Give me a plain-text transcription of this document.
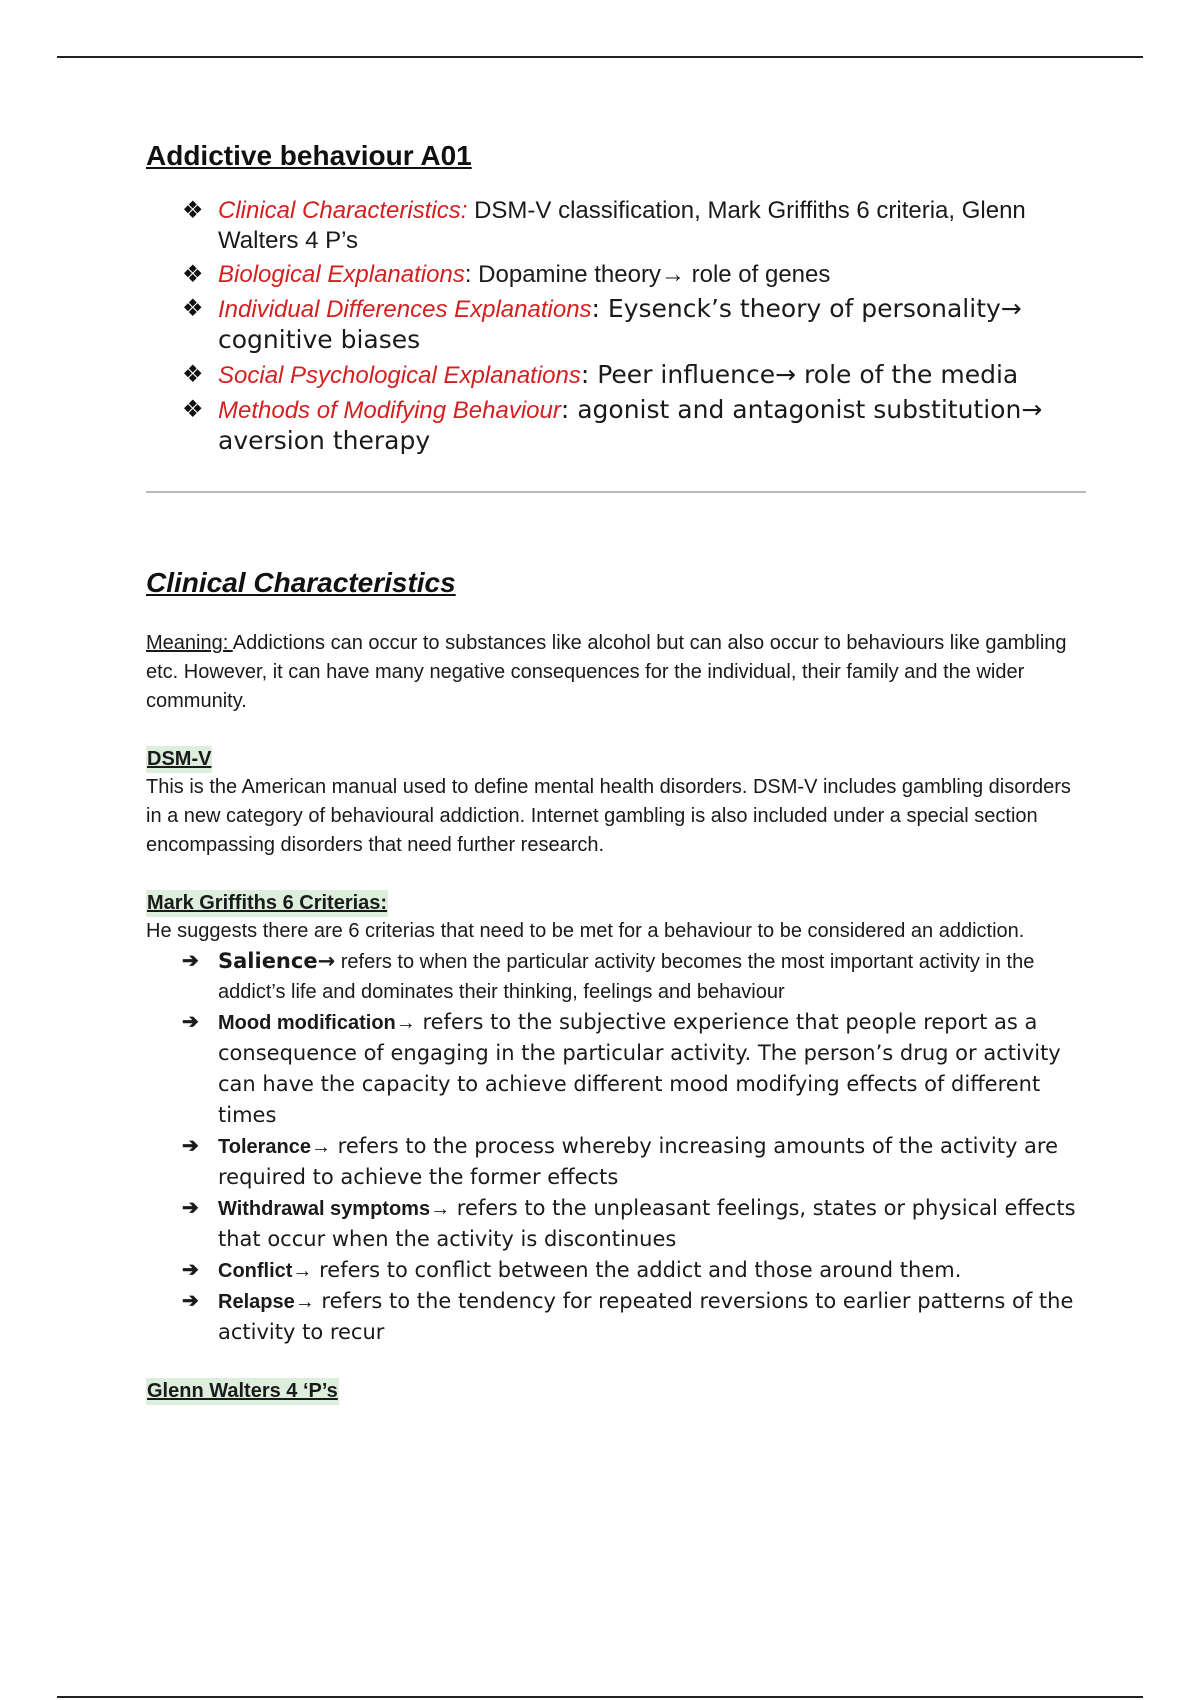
Addictive behaviour A01
❖ Clinical Characteristics: DSM-V classification, Mark Griffiths 6 criteria, Glenn Walters 4 P’s
❖ Biological Explanations: Dopamine theory→ role of genes
❖ Individual Differences Explanations: Eysenck’s theory of personality→ cognitive biases
❖ Social Psychological Explanations: Peer influence→ role of the media
❖ Methods of Modifying Behaviour: agonist and antagonist substitution→ aversion therapy
Clinical Characteristics

Meaning: Addictions can occur to substances like alcohol but can also occur to behaviours like gambling etc. However, it can have many negative consequences for the individual, their family and the wider community.

DSM-V

This is the American manual used to define mental health disorders. DSM-V includes gambling disorders in a new category of behavioural addiction. Internet gambling is also included under a special section encompassing disorders that need further research.

Mark Griffiths 6 Criterias:

He suggests there are 6 criterias that need to be met for a behaviour to be considered an addiction.

➔ Salience→ refers to when the particular activity becomes the most important activity in the addict’s life and dominates their thinking, feelings and behaviour
➔ Mood modification→ refers to the subjective experience that people report as a consequence of engaging in the particular activity. The person’s drug or activity can have the capacity to achieve different mood modifying effects of different times
➔ Tolerance→ refers to the process whereby increasing amounts of the activity are required to achieve the former effects
➔ Withdrawal symptoms→ refers to the unpleasant feelings, states or physical effects that occur when the activity is discontinues
➔ Conflict→ refers to conflict between the addict and those around them.
➔ Relapse→ refers to the tendency for repeated reversions to earlier patterns of the activity to recur
Glenn Walters 4 ‘P’s
